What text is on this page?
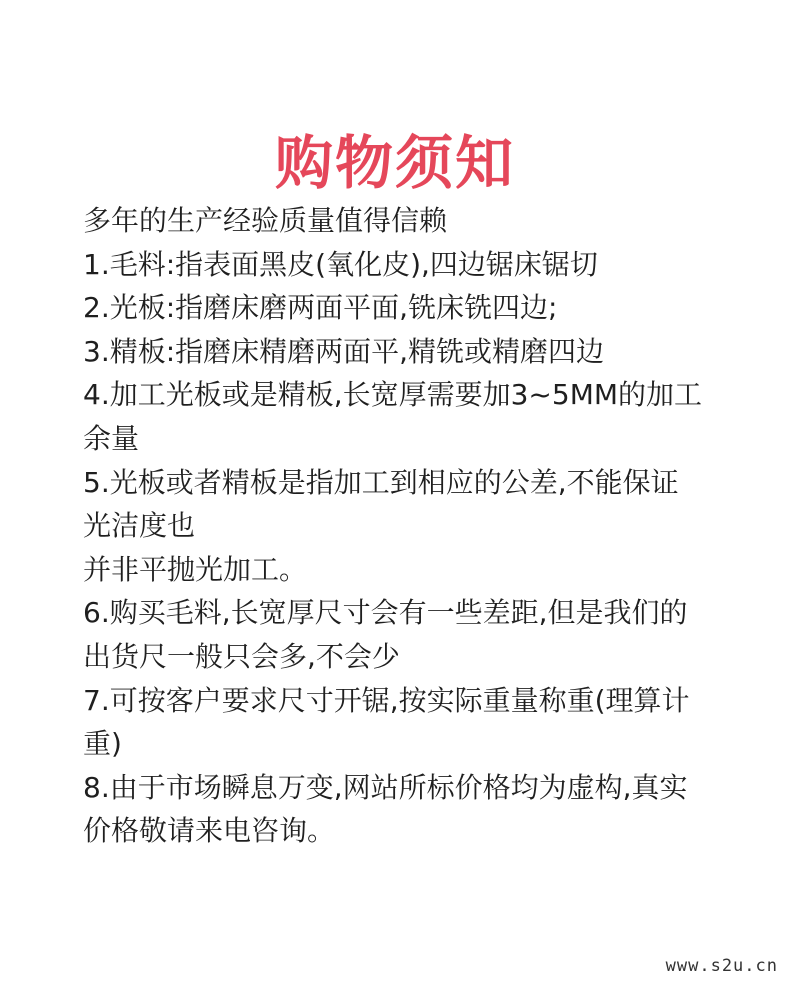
购物须知

多年的生产经验质量值得信赖

1.毛料:指表面黑皮(氧化皮),四边锯床锯切

2.光板:指磨床磨两面平面,铣床铣四边;

3.精板:指磨床精磨两面平,精铣或精磨四边

4.加工光板或是精板,长宽厚需要加3~5MM的加工

余量

5.光板或者精板是指加工到相应的公差,不能保证

光洁度也

并非平抛光加工。

6.购买毛料,长宽厚尺寸会有一些差距,但是我们的

出货尺一般只会多,不会少

7.可按客户要求尺寸开锯,按实际重量称重(理算计

重)

8.由于市场瞬息万变,网站所标价格均为虚构,真实

价格敬请来电咨询。

www.s2u.cn
